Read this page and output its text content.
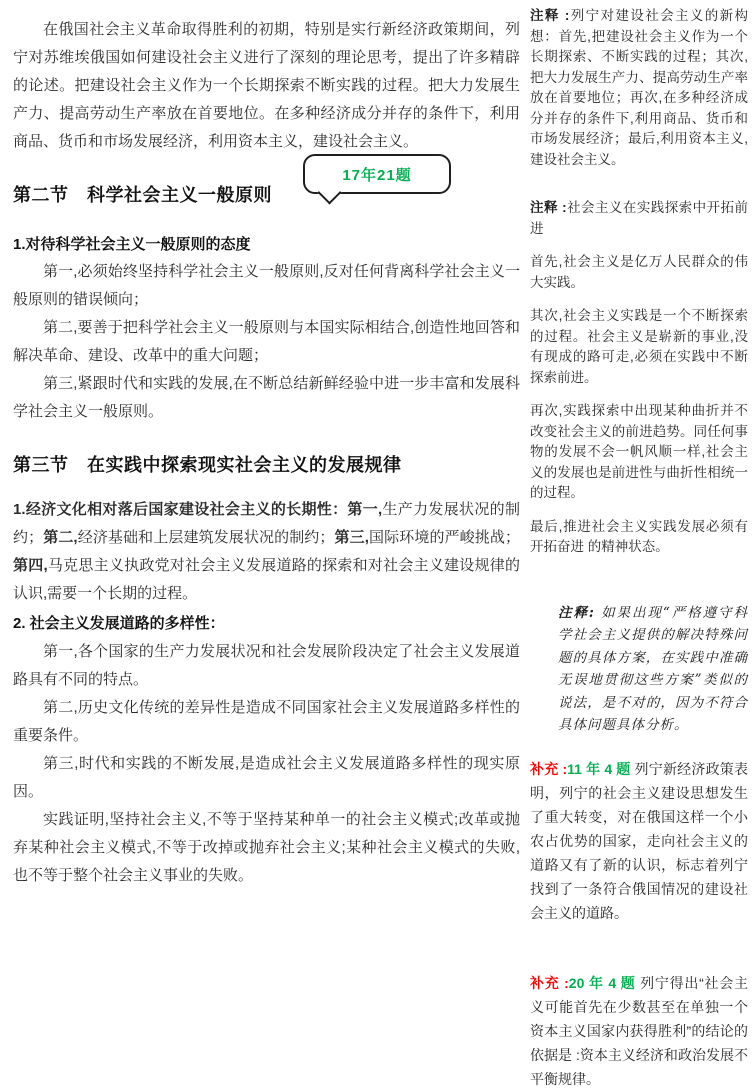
在俄国社会主义革命取得胜利的初期，特别是实行新经济政策期间，列宁对苏维埃俄国如何建设社会主义进行了深刻的理论思考，提出了许多精辟的论述。把建设社会主义作为一个长期探索不断实践的过程。把大力发展生产力、提高劳动生产率放在首要地位。在多种经济成分并存的条件下，利用商品、货币和市场发展经济，利用资本主义，建设社会主义。

第二节　科学社会主义一般原则
1.对待科学社会主义一般原则的态度

第一,必须始终坚持科学社会主义一般原则,反对任何背离科学社会主义一般原则的错误倾向；

第二,要善于把科学社会主义一般原则与本国实际相结合,创造性地回答和解决革命、建设、改革中的重大问题；

第三,紧跟时代和实践的发展,在不断总结新鲜经验中进一步丰富和发展科学社会主义一般原则。

第三节　在实践中探索现实社会主义的发展规律

1.经济文化相对落后国家建设社会主义的长期性：第一,生产力发展状况的制约；第二,经济基础和上层建筑发展状况的制约；第三,国际环境的严峻挑战；第四,马克思主义执政党对社会主义发展道路的探索和对社会主义建设规律的认识,需要一个长期的过程。

2. 社会主义发展道路的多样性：

第一,各个国家的生产力发展状况和社会发展阶段决定了社会主义发展道路具有不同的特点。

第二,历史文化传统的差异性是造成不同国家社会主义发展道路多样性的重要条件。

第三,时代和实践的不断发展,是造成社会主义发展道路多样性的现实原因。

实践证明,坚持社会主义,不等于坚持某种单一的社会主义模式;改革或抛弃某种社会主义模式,不等于改掉或抛弃社会主义;某种社会主义模式的失败,也不等于整个社会主义事业的失败。

17年21题

注释 :列宁对建设社会主义的新构想：首先,把建设社会主义作为一个长期探索、不断实践的过程；其次,把大力发展生产力、提高劳动生产率放在首要地位；再次,在多种经济成分并存的条件下,利用商品、货币和市场发展经济；最后,利用资本主义,建设社会主义。

注释 :社会主义在实践探索中开拓前进

首先,社会主义是亿万人民群众的伟大实践。

其次,社会主义实践是一个不断探索的过程。社会主义是崭新的事业,没有现成的路可走,必须在实践中不断探索前进。

再次,实践探索中出现某种曲折并不改变社会主义的前进趋势。同任何事物的发展不会一帆风顺一样,社会主义的发展也是前进性与曲折性相统一的过程。

最后,推进社会主义实践发展必须有开拓奋进 的精神状态。

注释: 如果出现“严格遵守科学社会主义提供的解决特殊问题的具体方案，在实践中准确无误地贯彻这些方案”类似的说法，是不对的，因为不符合具体问题具体分析。
补充 :11 年 4 题 列宁新经济政策表明，列宁的社会主义建设思想发生了重大转变，对在俄国这样一个小农占优势的国家，走向社会主义的道路又有了新的认识，标志着列宁找到了一条符合俄国情况的建设社会主义的道路。
补充 :20 年 4 题 列宁得出“社会主义可能首先在少数甚至在单独一个资本主义国家内获得胜利”的结论的依据是 :资本主义经济和政治发展不平衡规律。
